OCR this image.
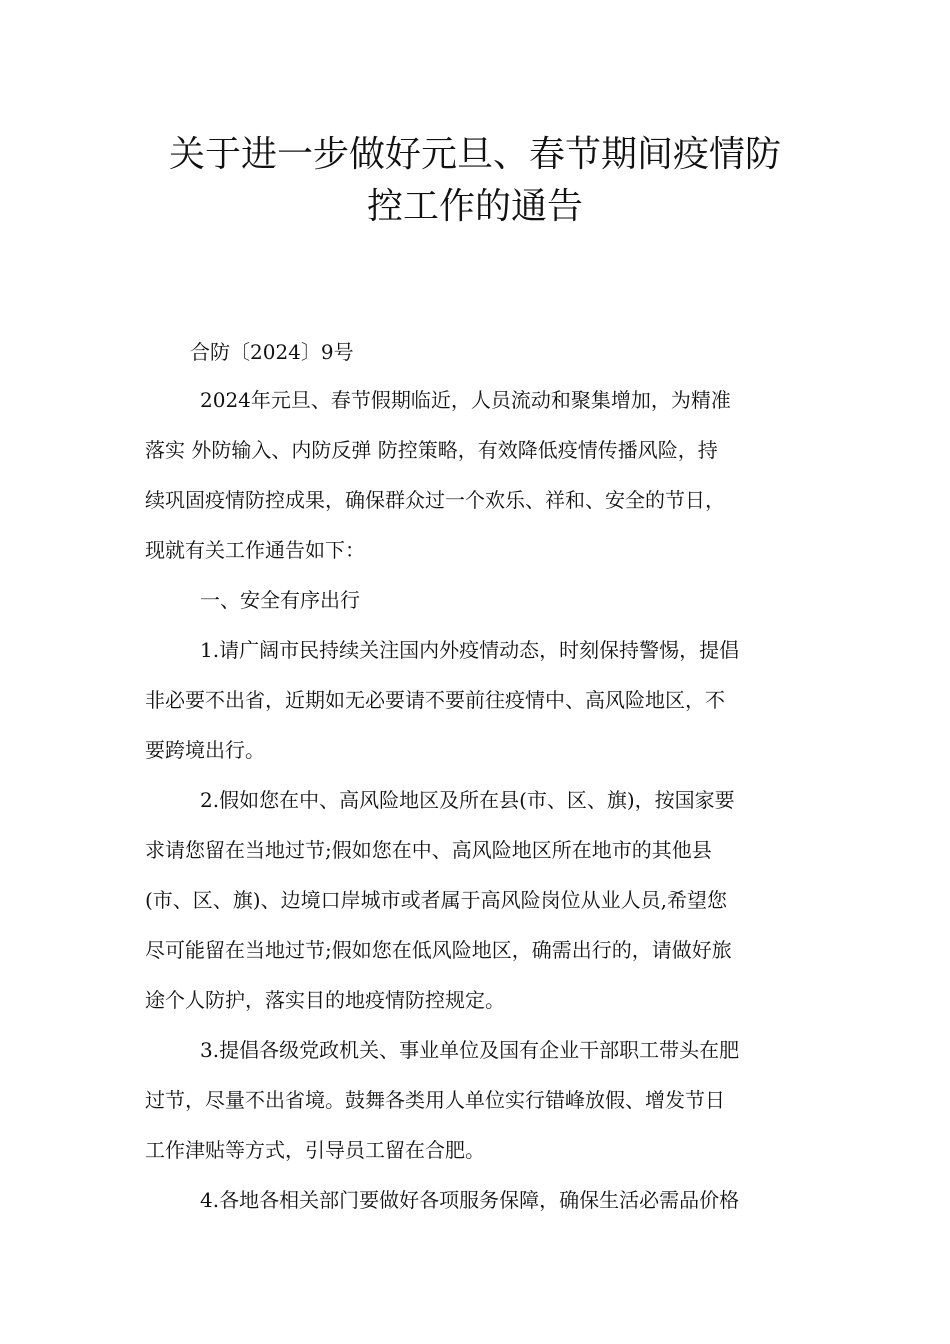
关于进一步做好元旦、春节期间疫情防
控工作的通告
合防〔2024〕9号
2024年元旦、春节假期临近，人员流动和聚集增加，为精准
落实 外防输入、内防反弹 防控策略，有效降低疫情传播风险，持
续巩固疫情防控成果，确保群众过一个欢乐、祥和、安全的节日，
现就有关工作通告如下：
一、安全有序出行
1.请广阔市民持续关注国内外疫情动态，时刻保持警惕，提倡
非必要不出省，近期如无必要请不要前往疫情中、高风险地区，不
要跨境出行。
2.假如您在中、高风险地区及所在县(市、区、旗)，按国家要
求请您留在当地过节;假如您在中、高风险地区所在地市的其他县
(市、区、旗)、边境口岸城市或者属于高风险岗位从业人员,希望您
尽可能留在当地过节;假如您在低风险地区，确需出行的，请做好旅
途个人防护，落实目的地疫情防控规定。
3.提倡各级党政机关、事业单位及国有企业干部职工带头在肥
过节，尽量不出省境。鼓舞各类用人单位实行错峰放假、增发节日
工作津贴等方式，引导员工留在合肥。
4.各地各相关部门要做好各项服务保障，确保生活必需品价格
